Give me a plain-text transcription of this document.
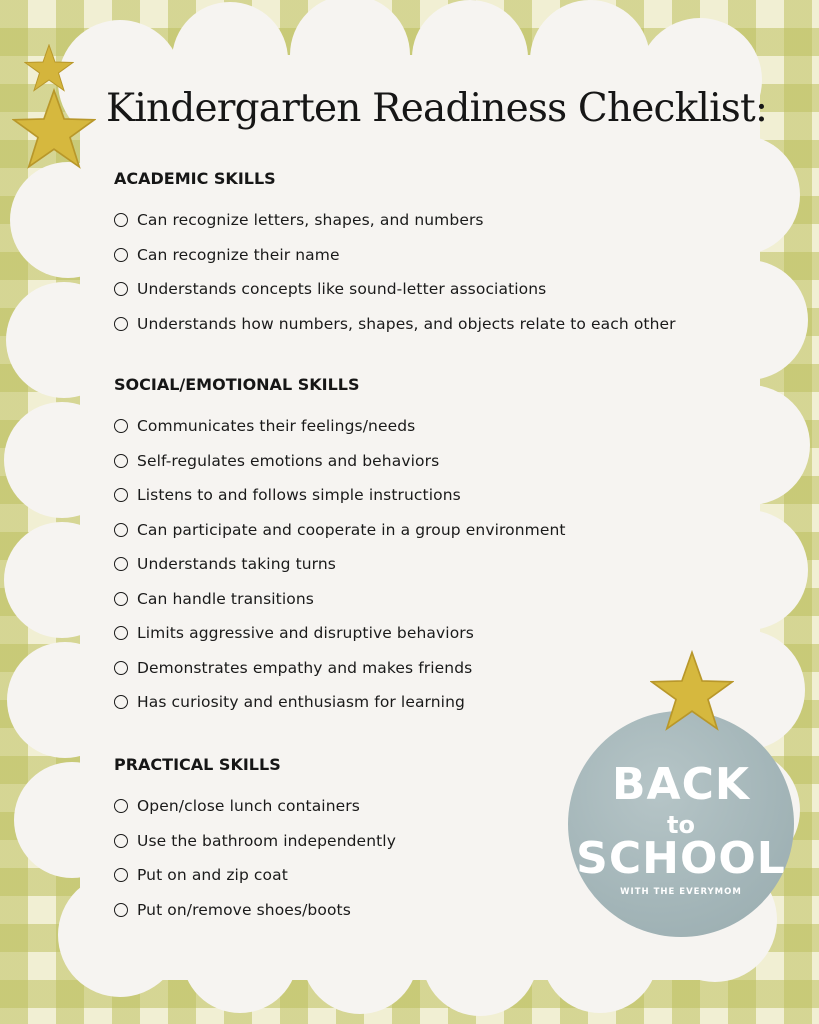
Kindergarten Readiness Checklist:
ACADEMIC SKILLS
Can recognize letters, shapes, and numbers
Can recognize their name
Understands concepts like sound-letter associations
Understands how numbers, shapes, and objects relate to each other
SOCIAL/EMOTIONAL SKILLS
Communicates their feelings/needs
Self-regulates emotions and behaviors
Listens to and follows simple instructions
Can participate and cooperate in a group environment
Understands taking turns
Can handle transitions
Limits aggressive and disruptive behaviors
Demonstrates empathy and makes friends
Has curiosity and enthusiasm for learning
PRACTICAL SKILLS
Open/close lunch containers
Use the bathroom independently
Put on and zip coat
Put on/remove shoes/boots
BACK
to
SCHOOL
WITH THE EVERYMOM
